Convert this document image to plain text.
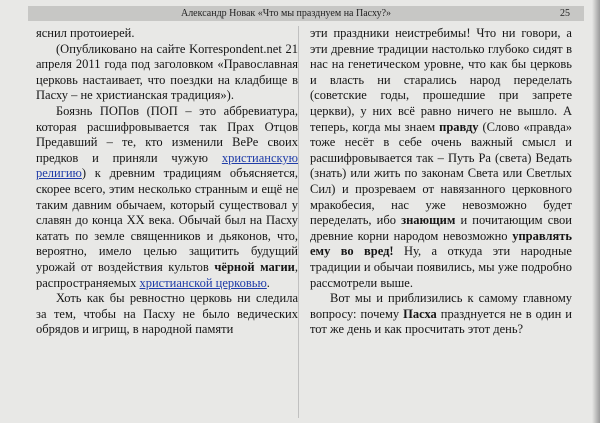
Александр Новак «Что мы празднуем на Пасху?»	25

яснил протоиерей.

(Опубликовано на сайте Korrespondent.net 21 апреля 2011 года под заголовком «Православная церковь настаивает, что поездки на кладбище в Пасху – не христианская традиция»).

Боязнь ПОПов (ПОП – это аббревиатура, которая расшифровывается так Прах Отцов Предавший – те, кто изменили ВеРе своих предков и приняли чужую христианскую религию) к древним традициям объясняется, скорее всего, этим несколько странным и ещё не таким давним обычаем, который существовал у славян до конца ХХ века. Обычай был на Пасху катать по земле священников и дьяконов, что, вероятно, имело целью защитить будущий урожай от воздействия культов чёрной магии, распространяемых христианской церковью.

Хоть как бы ревностно церковь ни следила за тем, чтобы на Пасху не было ведических обрядов и игрищ, в народной памяти

эти праздники неистребимы! Что ни говори, а эти древние традиции настолько глубоко сидят в нас на генетическом уровне, что как бы церковь и власть ни старались народ переделать (советские годы, прошедшие при запрете церкви), у них всё равно ничего не вышло. А теперь, когда мы знаем правду (Слово «правда» тоже несёт в себе очень важный смысл и расшифровывается так – Путь Ра (света) Ведать (знать) или жить по законам Света или Светлых Сил) и прозреваем от навязанного церковного мракобесия, нас уже невозможно будет переделать, ибо знающим и почитающим свои древние корни народом невозможно управлять ему во вред! Ну, а откуда эти народные традиции и обычаи появились, мы уже подробно рассмотрели выше.

Вот мы и приблизились к самому главному вопросу: почему Пасха празднуется не в один и тот же день и как просчитать этот день?
